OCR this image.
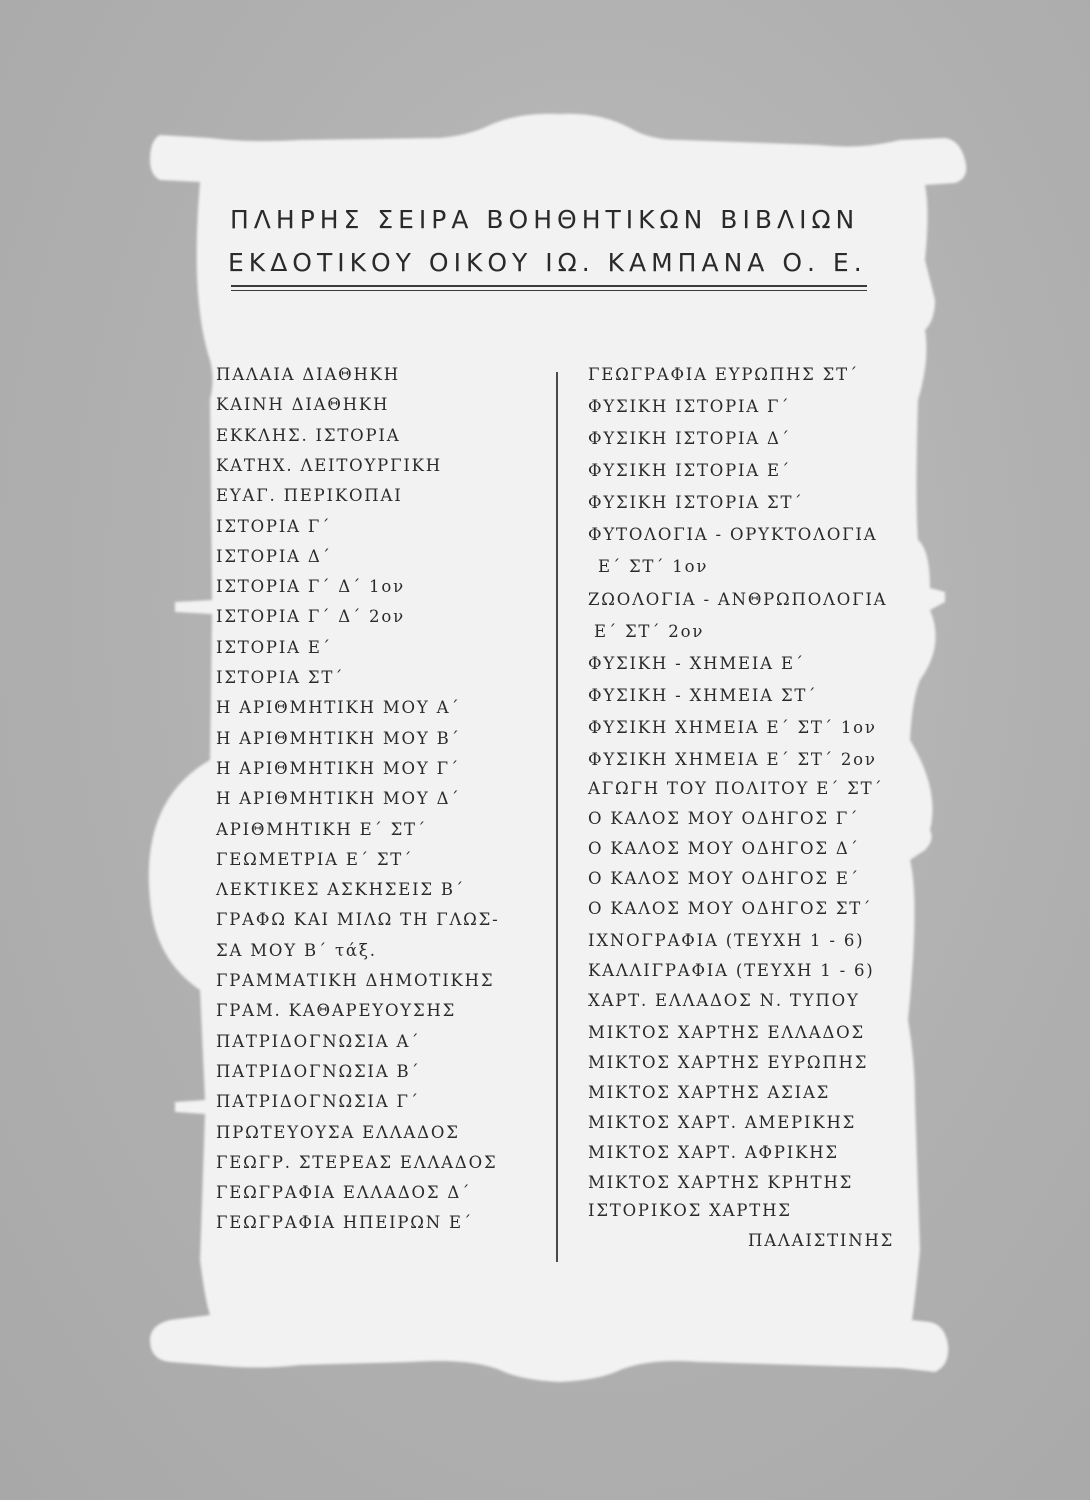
ΠΛΗΡΗΣ ΣΕΙΡΑ ΒΟΗΘΗΤΙΚΩΝ ΒΙΒΛΙΩΝ
ΕΚΔΟΤΙΚΟΥ ΟΙΚΟΥ ΙΩ. ΚΑΜΠΑΝΑ Ο. Ε.
ΠΑΛΑΙΑ ΔΙΑΘΗΚΗ
ΚΑΙΝΗ ΔΙΑΘΗΚΗ
ΕΚΚΛΗΣ. ΙΣΤΟΡΙΑ
ΚΑΤΗΧ. ΛΕΙΤΟΥΡΓΙΚΗ
ΕΥΑΓ. ΠΕΡΙΚΟΠΑΙ
ΙΣΤΟΡΙΑ Γ΄
ΙΣΤΟΡΙΑ Δ΄
ΙΣΤΟΡΙΑ Γ΄ Δ΄ 1ον
ΙΣΤΟΡΙΑ Γ΄ Δ΄ 2ον
ΙΣΤΟΡΙΑ Ε΄
ΙΣΤΟΡΙΑ ΣΤ΄
Η ΑΡΙΘΜΗΤΙΚΗ ΜΟΥ Α΄
Η ΑΡΙΘΜΗΤΙΚΗ ΜΟΥ Β΄
Η ΑΡΙΘΜΗΤΙΚΗ ΜΟΥ Γ΄
Η ΑΡΙΘΜΗΤΙΚΗ ΜΟΥ Δ΄
ΑΡΙΘΜΗΤΙΚΗ Ε΄ ΣΤ΄
ΓΕΩΜΕΤΡΙΑ Ε΄ ΣΤ΄
ΛΕΚΤΙΚΕΣ ΑΣΚΗΣΕΙΣ Β΄
ΓΡΑΦΩ ΚΑΙ ΜΙΛΩ ΤΗ ΓΛΩΣ-
ΣΑ ΜΟΥ Β΄ τάξ.
ΓΡΑΜΜΑΤΙΚΗ ΔΗΜΟΤΙΚΗΣ
ΓΡΑΜ. ΚΑΘΑΡΕΥΟΥΣΗΣ
ΠΑΤΡΙΔΟΓΝΩΣΙΑ Α΄
ΠΑΤΡΙΔΟΓΝΩΣΙΑ Β΄
ΠΑΤΡΙΔΟΓΝΩΣΙΑ Γ΄
ΠΡΩΤΕΥΟΥΣΑ ΕΛΛΑΔΟΣ
ΓΕΩΓΡ. ΣΤΕΡΕΑΣ ΕΛΛΑΔΟΣ
ΓΕΩΓΡΑΦΙΑ ΕΛΛΑΔΟΣ Δ΄
ΓΕΩΓΡΑΦΙΑ ΗΠΕΙΡΩΝ Ε΄
ΓΕΩΓΡΑΦΙΑ ΕΥΡΩΠΗΣ ΣΤ΄
ΦΥΣΙΚΗ ΙΣΤΟΡΙΑ Γ΄
ΦΥΣΙΚΗ ΙΣΤΟΡΙΑ Δ΄
ΦΥΣΙΚΗ ΙΣΤΟΡΙΑ Ε΄
ΦΥΣΙΚΗ ΙΣΤΟΡΙΑ ΣΤ΄
ΦΥΤΟΛΟΓΙΑ - ΟΡΥΚΤΟΛΟΓΙΑ
Ε΄ ΣΤ΄ 1ον
ΖΩΟΛΟΓΙΑ - ΑΝΘΡΩΠΟΛΟΓΙΑ
Ε΄ ΣΤ΄ 2ον
ΦΥΣΙΚΗ - ΧΗΜΕΙΑ Ε΄
ΦΥΣΙΚΗ - ΧΗΜΕΙΑ ΣΤ΄
ΦΥΣΙΚΗ ΧΗΜΕΙΑ Ε΄ ΣΤ΄ 1ον
ΦΥΣΙΚΗ ΧΗΜΕΙΑ Ε΄ ΣΤ΄ 2ον
ΑΓΩΓΗ ΤΟΥ ΠΟΛΙΤΟΥ Ε΄ ΣΤ΄
Ο ΚΑΛΟΣ ΜΟΥ ΟΔΗΓΟΣ Γ΄
Ο ΚΑΛΟΣ ΜΟΥ ΟΔΗΓΟΣ Δ΄
Ο ΚΑΛΟΣ ΜΟΥ ΟΔΗΓΟΣ Ε΄
Ο ΚΑΛΟΣ ΜΟΥ ΟΔΗΓΟΣ ΣΤ΄
ΙΧΝΟΓΡΑΦΙΑ (ΤΕΥΧΗ 1 - 6)
ΚΑΛΛΙΓΡΑΦΙΑ (ΤΕΥΧΗ 1 - 6)
ΧΑΡΤ. ΕΛΛΑΔΟΣ Ν. ΤΥΠΟΥ
ΜΙΚΤΟΣ ΧΑΡΤΗΣ ΕΛΛΑΔΟΣ
ΜΙΚΤΟΣ ΧΑΡΤΗΣ ΕΥΡΩΠΗΣ
ΜΙΚΤΟΣ ΧΑΡΤΗΣ ΑΣΙΑΣ
ΜΙΚΤΟΣ ΧΑΡΤ. ΑΜΕΡΙΚΗΣ
ΜΙΚΤΟΣ ΧΑΡΤ. ΑΦΡΙΚΗΣ
ΜΙΚΤΟΣ ΧΑΡΤΗΣ ΚΡΗΤΗΣ
ΙΣΤΟΡΙΚΟΣ ΧΑΡΤΗΣ
ΠΑΛΑΙΣΤΙΝΗΣ
